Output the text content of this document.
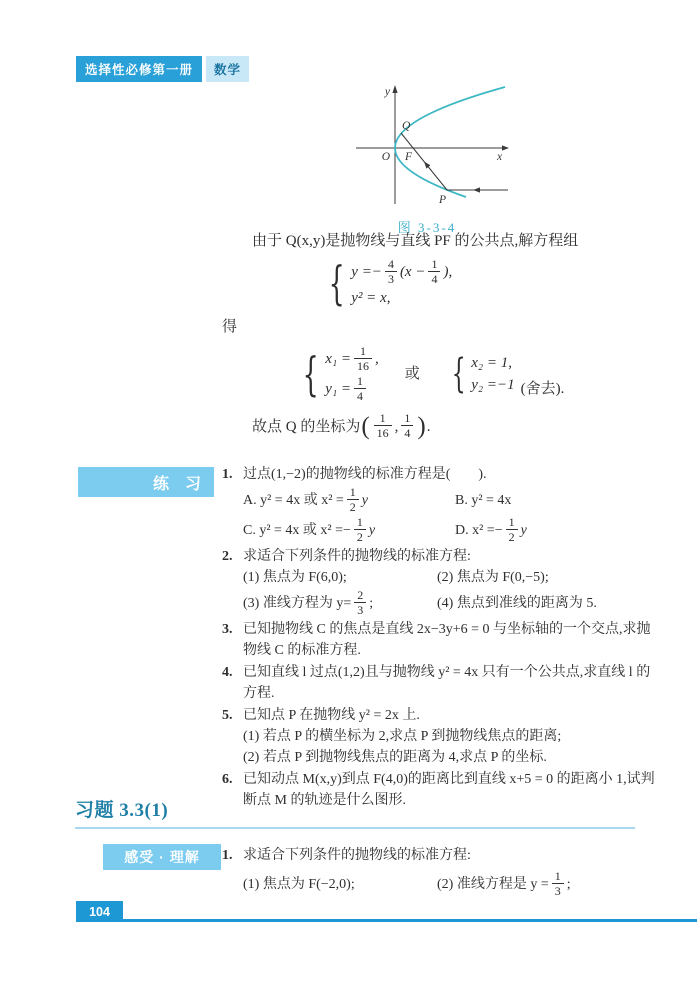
选择性必修第一册	数学
y
x
O F
Q
P
图 3-3-4

由于 Q(x,y)是抛物线与直线 PF 的公共点,解方程组

{ $y =- \frac{4}{3} (x - \frac{1}{4}$ ),
y² = x,

得

{ $x_1 = \frac{1}{16}$ ,
$y_1 = \frac{1}{4}$
或 { x₂ = 1,
y₂ =−1 (舍去).

故点 Q 的坐标为 ( $\frac{1}{16}$ , $\frac{1}{4}$ ) .

练　习
1. 过点(1,−2)的抛物线的标准方程是(　　).

A. y² = 4x 或 $x^2 = \frac{1}{2}$ y	B. y² = 4x
C. y² = 4x 或 $x^2 =- \frac{1}{2}$ y	D. $x^2 =- \frac{1}{2}$ y
2. 求适合下列条件的抛物线的标准方程:

(1) 焦点为 F(6,0);	(2) 焦点为 F(0,−5);
(3) 准线方程为 $y= \frac{2}{3}$ ;	(4) 焦点到准线的距离为 5.
3. 已知抛物线 C 的焦点是直线 2x−3y+6 = 0 与坐标轴的一个交点,求抛物线 C 的标准方程.

4. 已知直线 l 过点(1,2)且与抛物线 y² = 4x 只有一个公共点,求直线 l 的方程.

5. 已知点 P 在抛物线 y² = 2x 上.

(1) 若点 P 的横坐标为 2,求点 P 到抛物线焦点的距离;

(2) 若点 P 到抛物线焦点的距离为 4,求点 P 的坐标.

6. 已知动点 M(x,y)到点 F(4,0)的距离比到直线 x+5 = 0 的距离小 1,试判断点 M 的轨迹是什么图形.

习题 3.3(1)
感受 · 理解	1. 求适合下列条件的抛物线的标准方程:

(1) 焦点为 F(−2,0);	(2) 准线方程是 $y = \frac{1}{3}$ ;
104
